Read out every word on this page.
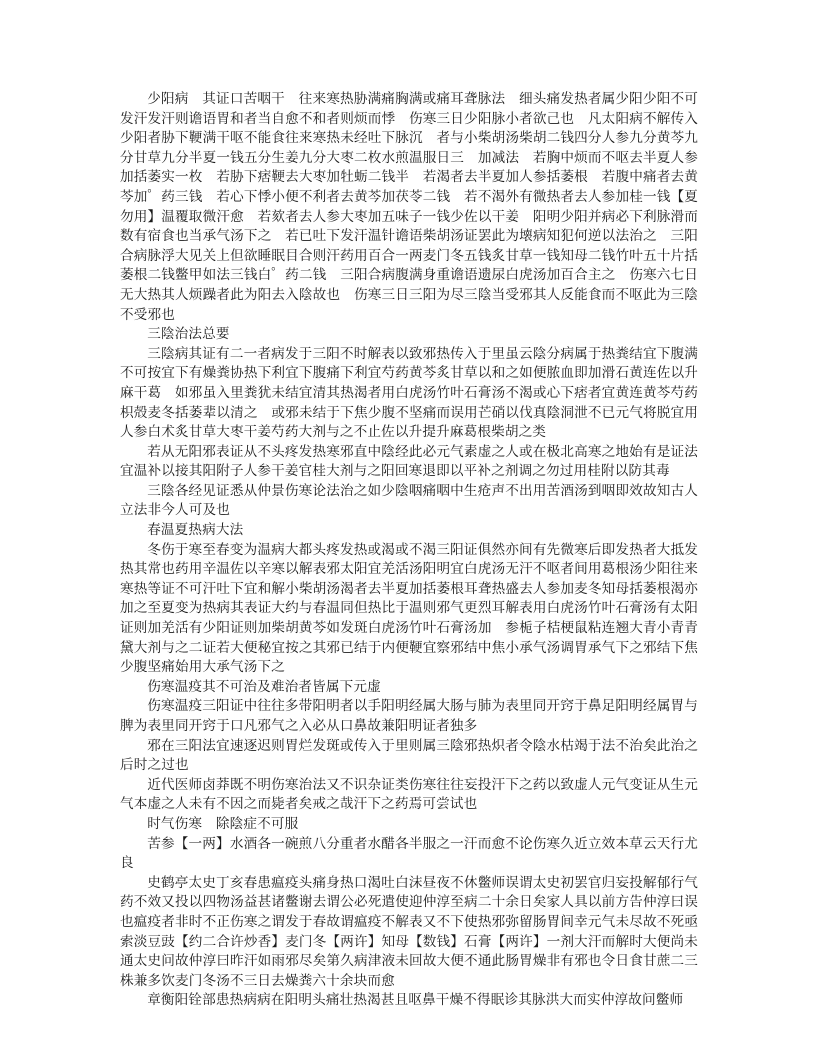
少阳病　其证口苦咽干　往来寒热胁满痛胸满或痛耳聋脉法　细头痛发热者属少阳少阳不可发汗发汗则谵语胃和者当自愈不和者则烦而悸　伤寒三日少阳脉小者欲己也　凡太阳病不解传入少阳者胁下鞕满干呕不能食往来寒热未经吐下脉沉　者与小柴胡汤柴胡二钱四分人参九分黄芩九分甘草九分半夏一钱五分生姜九分大枣二枚水煎温服日三　加减法　若胸中烦而不呕去半夏人参加括萎实一枚　若胁下痞鞕去大枣加牡蛎二钱半　若渴者去半夏加人参括萎根　若腹中痛者去黄芩加゜药三钱　若心下悸小便不利者去黄芩加茯苓二钱　若不渴外有微热者去人参加桂一钱【夏勿用】温覆取微汗愈　若欬者去人参大枣加五味子一钱少佐以干姜　阳明少阳并病必下利脉滑而数有宿食也当承气汤下之　若已吐下发汗温针谵语柴胡汤证罢此为壊病知犯何逆以法治之　三阳合病脉浮大见关上但欲睡眠目合则汗药用百合一两麦门冬五钱炙甘草一钱知母二钱竹叶五十片括萎根二钱鳖甲如法三钱白゜药二钱　三阳合病腹满身重谵语遗尿白虎汤加百合主之　伤寒六七日无大热其人烦躁者此为阳去入陰故也　伤寒三日三阳为尽三陰当受邪其人反能食而不呕此为三陰不受邪也

三陰治法总要

三陰病其证有二一者病发于三阳不时解表以致邪热传入于里虽云陰分病属于热粪结宜下腹满不可按宜下有燥粪协热下利宜下腹痛下利宜芍药黄芩炙甘草以和之如便脓血即加滑石黄连佐以升麻干葛　如邪虽入里粪犹未结宜清其热渴者用白虎汤竹叶石膏汤不渴或心下痞者宜黄连黄芩芍药枳殻麦冬括萎辈以清之　或邪未结于下焦少腹不坚痛而误用芒硝以伐真陰洞泄不已元气将脱宜用人参白术炙甘草大枣干姜芍药大剂与之不止佐以升提升麻葛根柴胡之类

若从无阳邪表证从不头疼发热寒邪直中陰经此必元气素虚之人或在极北高寒之地始有是证法宜温补以接其阳附子人参干姜官桂大剂与之阳回寒退即以平补之剂调之勿过用桂附以防其毒

三陰各经见证悉从仲景伤寒论法治之如少陰咽痛咽中生疮声不出用苦酒汤到咽即效故知古人立法非今人可及也

春温夏热病大法

冬伤于寒至春变为温病大都头疼发热或渴或不渴三阳证俱然亦间有先微寒后即发热者大抵发热其常也药用辛温佐以辛寒以解表邪太阳宜羌活汤阳明宜白虎汤无汗不呕者间用葛根汤少阳往来寒热等证不可汗吐下宜和解小柴胡汤渴者去半夏加括萎根耳聋热盛去人参加麦冬知母括萎根渴亦加之至夏变为热病其表证大约与春温同但热比于温则邪气更烈耳解表用白虎汤竹叶石膏汤有太阳证则加羌活有少阳证则加柴胡黄芩如发斑白虎汤竹叶石膏汤加　参栀子桔梗鼠粘连翘大青小青青黛大剂与之二证若大便秘宜按之其邪已结于内便鞕宜察邪结中焦小承气汤调胃承气下之邪结下焦少腹坚痛始用大承气汤下之

伤寒温疫其不可治及难治者皆属下元虚

伤寒温疫三阳证中往往多带阳明者以手阳明经属大肠与肺为表里同开窍于鼻足阳明经属胃与脾为表里同开窍于口凡邪气之入必从口鼻故兼阳明证者独多

邪在三阳法宜速逐迟则胃烂发斑或传入于里则属三陰邪热炽者令陰水枯竭于法不治矣此治之后时之过也

近代医师卤莽既不明伤寒治法又不识杂证类伤寒往往妄投汗下之药以致虚人元气变证从生元气本虚之人未有不因之而毙者矣戒之哉汗下之药焉可尝试也

时气伤寒　除陰症不可服

苦参【一两】水酒各一碗煎八分重者水醋各半服之一汗而愈不论伤寒久近立效本草云天行尤良

史鹤亭太史丁亥春患瘟疫头痛身热口渴吐白沫昼夜不休鳖师误谓太史初罢官归妄投解郁行气药不效又投以四物汤益甚诸鳖谢去谓公必死遣使迎仲淳至病二十余日矣家人具以前方告仲淳曰误也瘟疫者非时不正伤寒之谓发于春故谓瘟疫不解表又不下使热邪弥留肠胃间幸元气未尽故不死亟索淡豆豉【约二合许炒香】麦门冬【两许】知母【数钱】石膏【两许】一剂大汗而解时大便尚未通太史问故仲淳曰昨汗如雨邪尽矣第久病津液未回故大便不通此肠胃燥非有邪也令日食甘蔗二三株兼多饮麦门冬汤不三日去燥粪六十余块而愈

章衡阳铨部患热病病在阳明头痛壮热渴甚且呕鼻干燥不得眠诊其脉洪大而实仲淳故问鳖师
